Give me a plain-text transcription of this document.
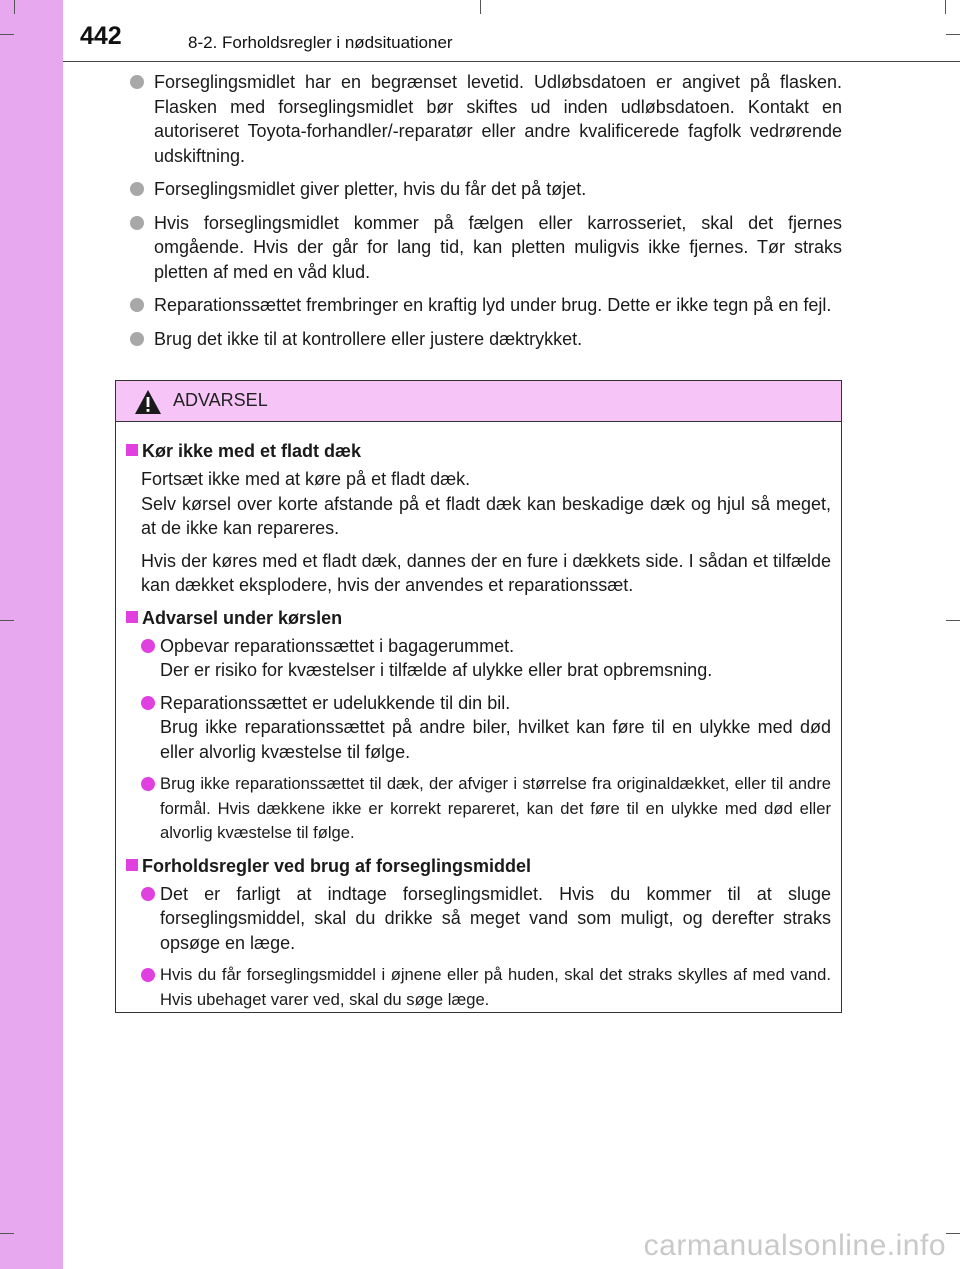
442	8-2. Forholdsregler i nødsituationer
Forseglingsmidlet har en begrænset levetid. Udløbsdatoen er angivet på flasken. Flasken med forseglingsmidlet bør skiftes ud inden udløbsdatoen. Kontakt en autoriseret Toyota-forhandler/-reparatør eller andre kvalificerede fagfolk vedrørende udskiftning.
Forseglingsmidlet giver pletter, hvis du får det på tøjet.
Hvis forseglingsmidlet kommer på fælgen eller karrosseriet, skal det fjernes omgående. Hvis der går for lang tid, kan pletten muligvis ikke fjernes. Tør straks pletten af med en våd klud.
Reparationssættet frembringer en kraftig lyd under brug. Dette er ikke tegn på en fejl.
Brug det ikke til at kontrollere eller justere dæktrykket.
ADVARSEL
Kør ikke med et fladt dæk

Fortsæt ikke med at køre på et fladt dæk.

Selv kørsel over korte afstande på et fladt dæk kan beskadige dæk og hjul så meget, at de ikke kan repareres.

Hvis der køres med et fladt dæk, dannes der en fure i dækkets side. I sådan et tilfælde kan dækket eksplodere, hvis der anvendes et reparationssæt.

Advarsel under kørslen

Opbevar reparationssættet i bagagerummet.

Der er risiko for kvæstelser i tilfælde af ulykke eller brat opbremsning.

Reparationssættet er udelukkende til din bil.

Brug ikke reparationssættet på andre biler, hvilket kan føre til en ulykke med død eller alvorlig kvæstelse til følge.

Brug ikke reparationssættet til dæk, der afviger i størrelse fra originaldækket, eller til andre formål. Hvis dækkene ikke er korrekt repareret, kan det føre til en ulykke med død eller alvorlig kvæstelse til følge.

Forholdsregler ved brug af forseglingsmiddel

Det er farligt at indtage forseglingsmidlet. Hvis du kommer til at sluge forseglingsmiddel, skal du drikke så meget vand som muligt, og derefter straks opsøge en læge.

Hvis du får forseglingsmiddel i øjnene eller på huden, skal det straks skylles af med vand. Hvis ubehaget varer ved, skal du søge læge.

carmanualsonline.info
